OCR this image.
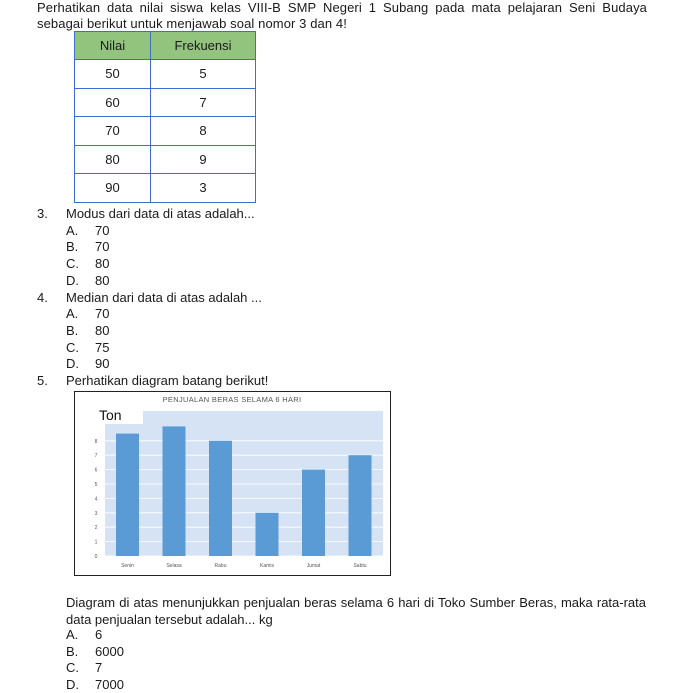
Perhatikan data nilai siswa kelas VIII-B SMP Negeri 1 Subang pada mata pelajaran Seni Budaya sebagai berikut untuk menjawab soal nomor 3 dan 4!
Nilai	Frekuensi
50	5
60	7
70	8
80	9
90	3
3. Modus dari data di atas adalah...
A. 70
B. 70
C. 80
D. 80
4. Median dari data di atas adalah ...
A. 70
B. 80
C. 75
D. 90
5. Perhatikan diagram batang berikut!
0
1
2
3
4
5
6
7
8
Senin	Selasa	Rabu	Kamis	Jumat	Sabtu
PENJUALAN BERAS SELAMA 6 HARI
Ton
Diagram di atas menunjukkan penjualan beras selama 6 hari di Toko Sumber Beras, maka rata-rata data penjualan tersebut adalah... kg
A. 6
B. 6000
C. 7
D. 7000
